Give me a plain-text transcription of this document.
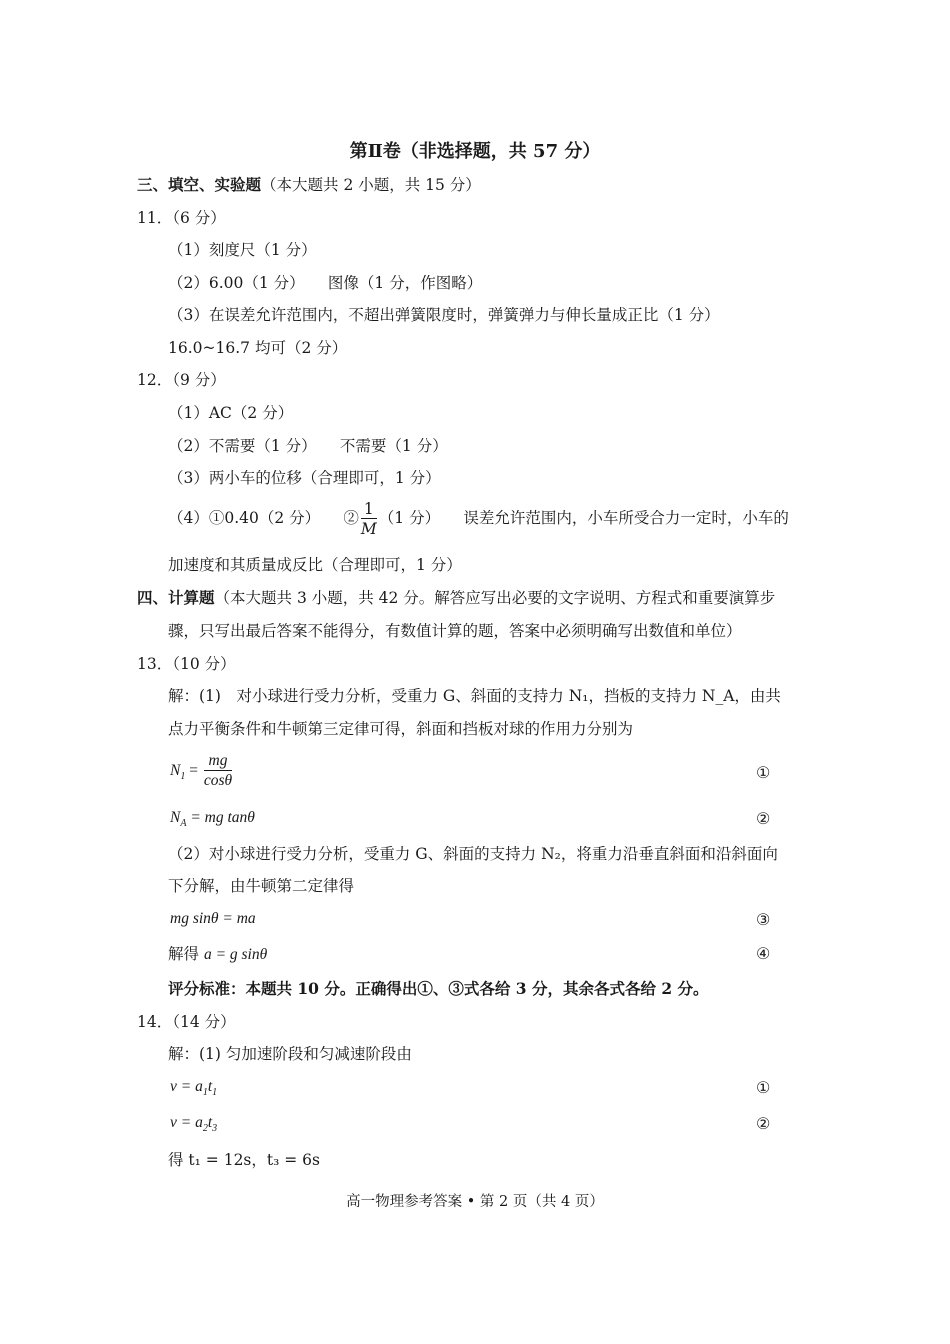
第Ⅱ卷（非选择题，共 57 分）
三、填空、实验题（本大题共 2 小题，共 15 分）
11．（6 分）
（1）刻度尺（1 分）
（2）6.00（1 分）　　图像（1 分，作图略）
（3）在误差允许范围内，不超出弹簧限度时，弹簧弹力与伸长量成正比（1 分）
16.0~16.7 均可（2 分）
12．（9 分）
（1）AC（2 分）
（2）不需要（1 分）　　不需要（1 分）
（3）两小车的位移（合理即可，1 分）
（4）①0.40（2 分）　　② $\frac{1}{M} (1$ 分）　　误差允许范围内，小车所受合力一定时，小车的
加速度和其质量成反比（合理即可，1 分）
四、计算题（本大题共 3 小题，共 42 分。解答应写出必要的文字说明、方程式和重要演算步
骤，只写出最后答案不能得分，有数值计算的题，答案中必须明确写出数值和单位）
13．（10 分）
解：(1)　对小球进行受力分析，受重力 G、斜面的支持力 N₁，挡板的支持力 N_A，由共
点力平衡条件和牛顿第三定律可得，斜面和挡板对球的作用力分别为
$N_1 = \frac{mg}{\cos\theta}$	①
$N_A$ = mg tanθ	②
（2）对小球进行受力分析，受重力 G、斜面的支持力 N₂，将重力沿垂直斜面和沿斜面向
下分解，由牛顿第二定律得
mg sinθ = ma	③
解得 a = g sinθ	④
评分标准：本题共 10 分。正确得出①、③式各给 3 分，其余各式各给 2 分。
14．（14 分）
解：(1) 匀加速阶段和匀减速阶段由
$v = a_1t_1$	①
$v = a_2t_3$	②
得 t₁ = 12s，t₃ = 6s
高一物理参考答案 • 第 2 页（共 4 页）
